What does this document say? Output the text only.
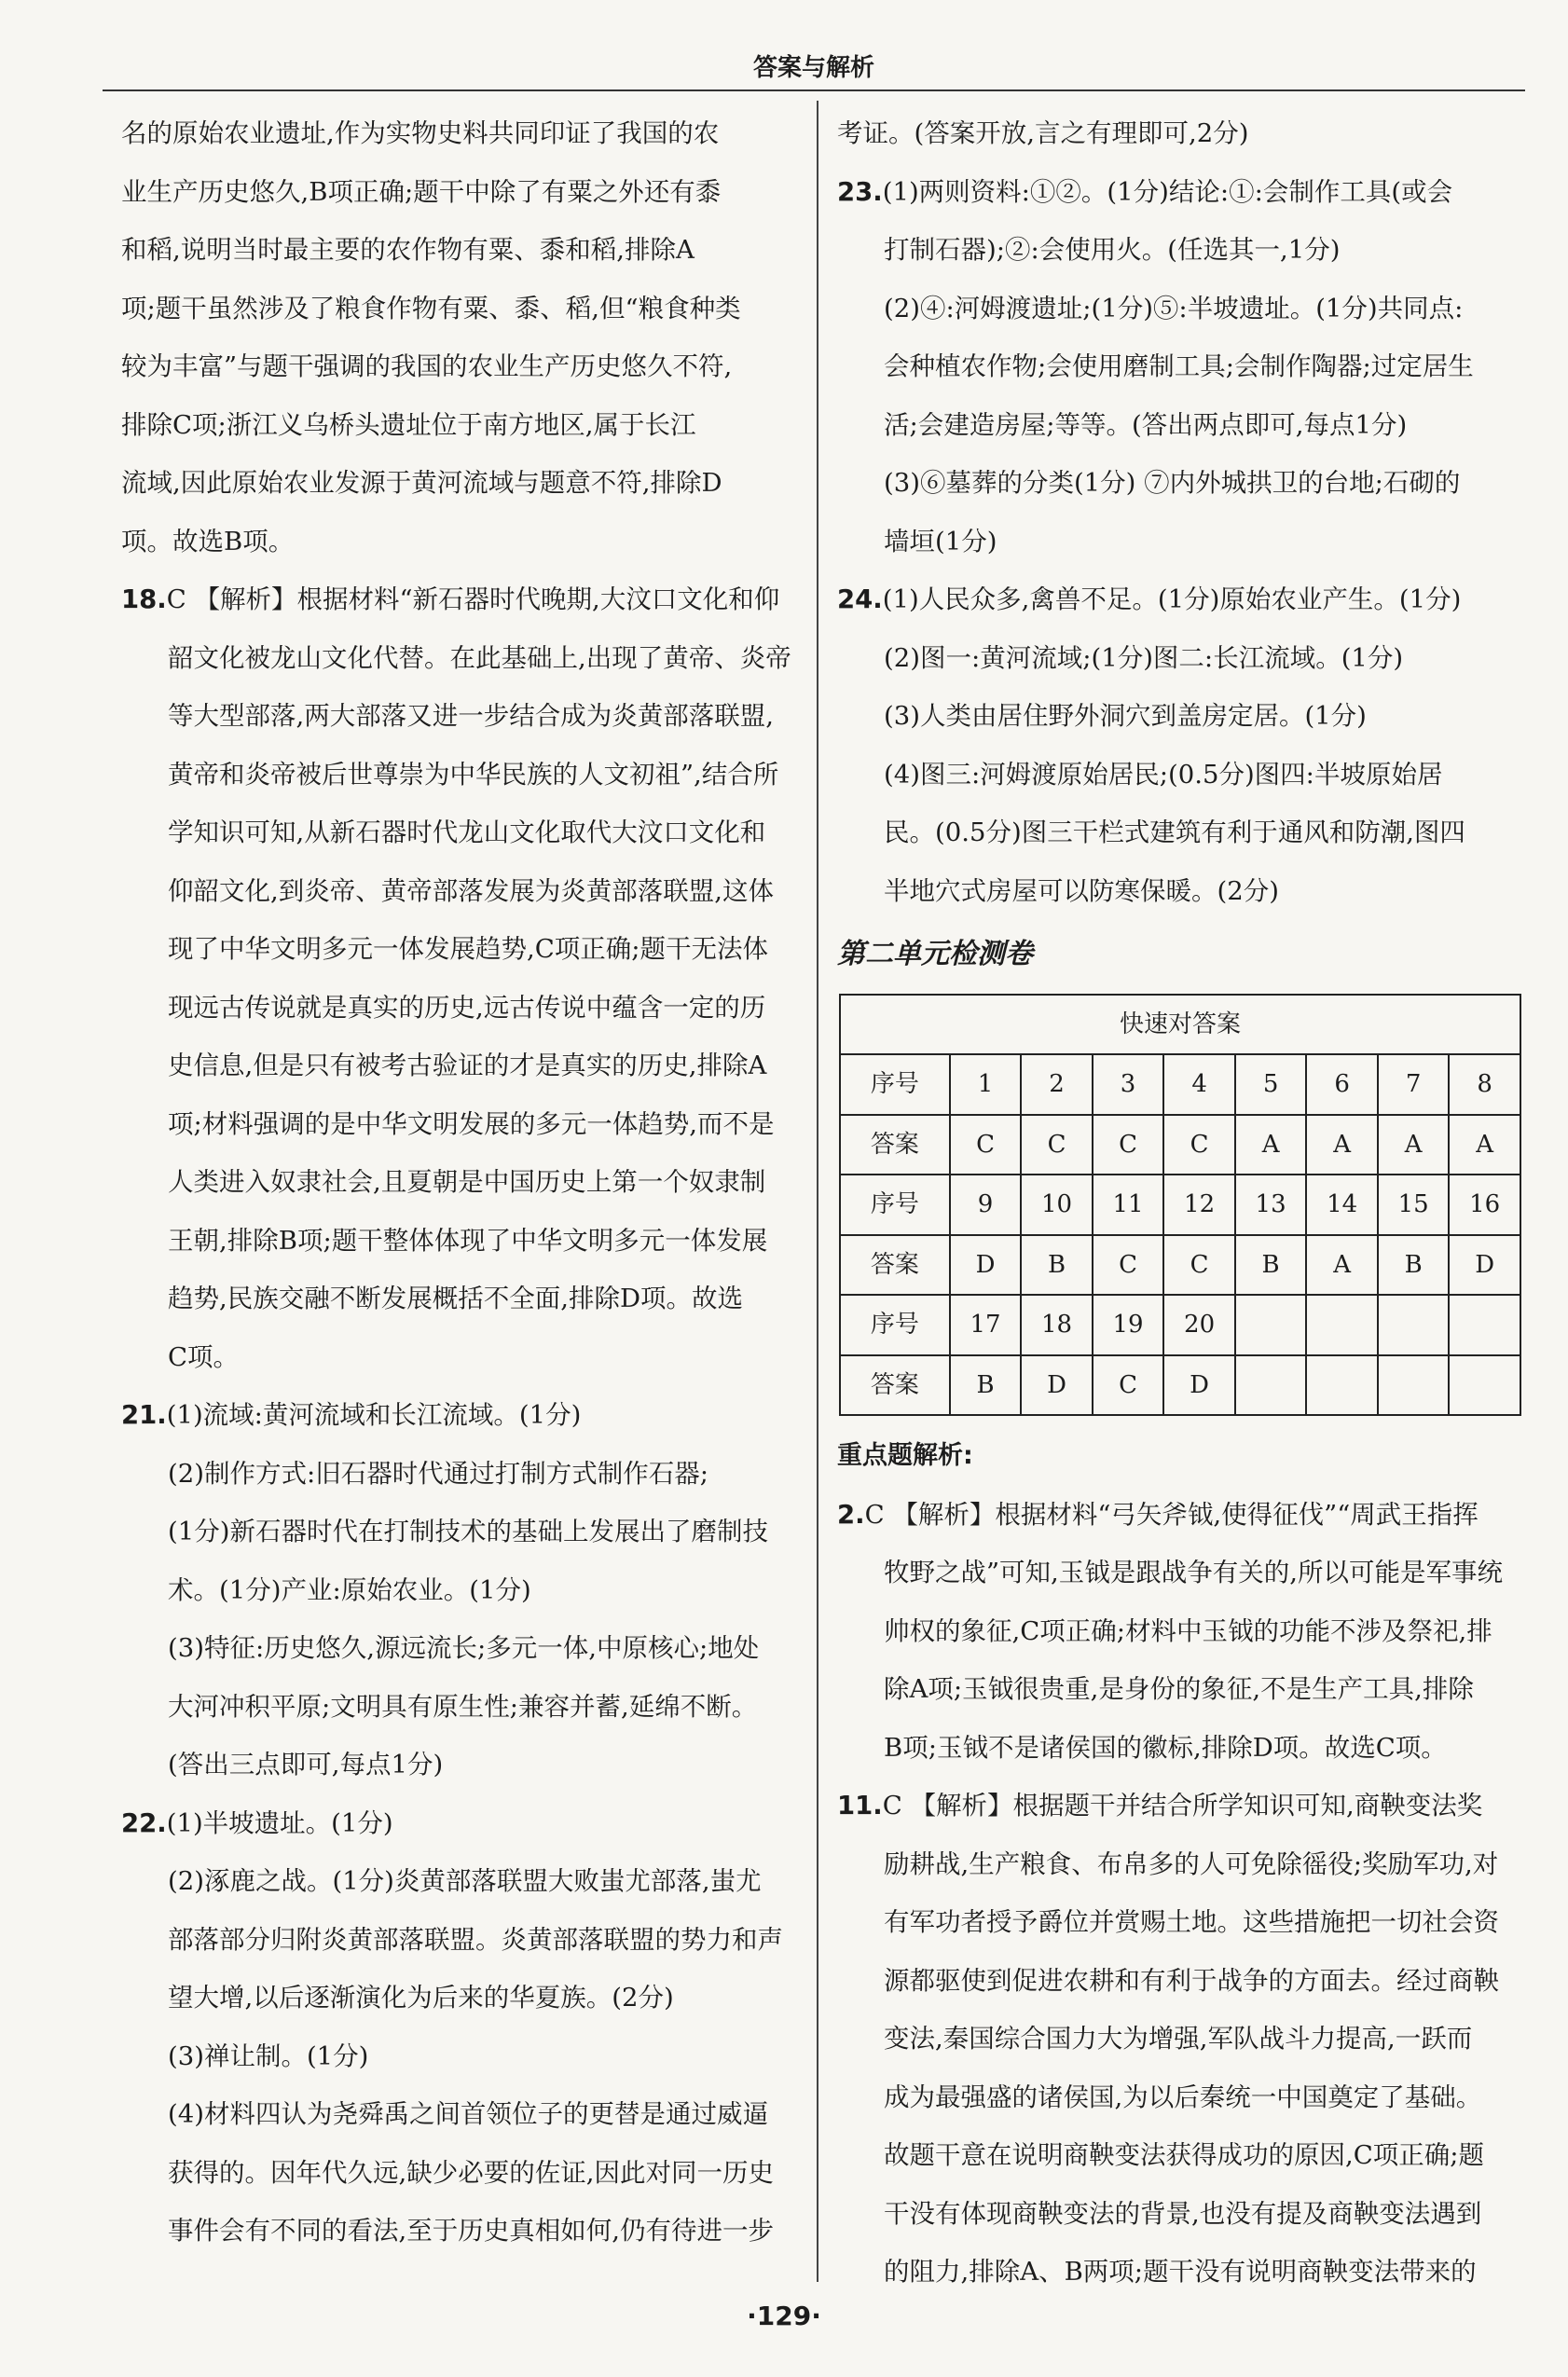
答案与解析
名的原始农业遗址,作为实物史料共同印证了我国的农
业生产历史悠久,B项正确;题干中除了有粟之外还有黍
和稻,说明当时最主要的农作物有粟、黍和稻,排除A
项;题干虽然涉及了粮食作物有粟、黍、稻,但“粮食种类
较为丰富”与题干强调的我国的农业生产历史悠久不符,
排除C项;浙江义乌桥头遗址位于南方地区,属于长江
流域,因此原始农业发源于黄河流域与题意不符,排除D
项。故选B项。
18.C 【解析】根据材料“新石器时代晚期,大汶口文化和仰
韶文化被龙山文化代替。在此基础上,出现了黄帝、炎帝
等大型部落,两大部落又进一步结合成为炎黄部落联盟,
黄帝和炎帝被后世尊崇为中华民族的人文初祖”,结合所
学知识可知,从新石器时代龙山文化取代大汶口文化和
仰韶文化,到炎帝、黄帝部落发展为炎黄部落联盟,这体
现了中华文明多元一体发展趋势,C项正确;题干无法体
现远古传说就是真实的历史,远古传说中蕴含一定的历
史信息,但是只有被考古验证的才是真实的历史,排除A
项;材料强调的是中华文明发展的多元一体趋势,而不是
人类进入奴隶社会,且夏朝是中国历史上第一个奴隶制
王朝,排除B项;题干整体体现了中华文明多元一体发展
趋势,民族交融不断发展概括不全面,排除D项。故选
C项。
21.(1)流域:黄河流域和长江流域。(1分)
(2)制作方式:旧石器时代通过打制方式制作石器;
(1分)新石器时代在打制技术的基础上发展出了磨制技
术。(1分)产业:原始农业。(1分)
(3)特征:历史悠久,源远流长;多元一体,中原核心;地处
大河冲积平原;文明具有原生性;兼容并蓄,延绵不断。
(答出三点即可,每点1分)
22.(1)半坡遗址。(1分)
(2)涿鹿之战。(1分)炎黄部落联盟大败蚩尤部落,蚩尤
部落部分归附炎黄部落联盟。炎黄部落联盟的势力和声
望大增,以后逐渐演化为后来的华夏族。(2分)
(3)禅让制。(1分)
(4)材料四认为尧舜禹之间首领位子的更替是通过威逼
获得的。因年代久远,缺少必要的佐证,因此对同一历史
事件会有不同的看法,至于历史真相如何,仍有待进一步
考证。(答案开放,言之有理即可,2分)
23.(1)两则资料:①②。(1分)结论:①:会制作工具(或会
打制石器);②:会使用火。(任选其一,1分)
(2)④:河姆渡遗址;(1分)⑤:半坡遗址。(1分)共同点:
会种植农作物;会使用磨制工具;会制作陶器;过定居生
活;会建造房屋;等等。(答出两点即可,每点1分)
(3)⑥墓葬的分类(1分) ⑦内外城拱卫的台地;石砌的
墙垣(1分)
24.(1)人民众多,禽兽不足。(1分)原始农业产生。(1分)
(2)图一:黄河流域;(1分)图二:长江流域。(1分)
(3)人类由居住野外洞穴到盖房定居。(1分)
(4)图三:河姆渡原始居民;(0.5分)图四:半坡原始居
民。(0.5分)图三干栏式建筑有利于通风和防潮,图四
半地穴式房屋可以防寒保暖。(2分)
第二单元检测卷
快速对答案								
序号	1	2	3	4	5	6	7	8
答案	C	C	C	C	A	A	A	A
序号	9	10	11	12	13	14	15	16
答案	D	B	C	C	B	A	B	D
序号	17	18	19	20				
答案	B	D	C	D				
重点题解析:
2.C 【解析】根据材料“弓矢斧钺,使得征伐”“周武王指挥
牧野之战”可知,玉钺是跟战争有关的,所以可能是军事统
帅权的象征,C项正确;材料中玉钺的功能不涉及祭祀,排
除A项;玉钺很贵重,是身份的象征,不是生产工具,排除
B项;玉钺不是诸侯国的徽标,排除D项。故选C项。
11.C 【解析】根据题干并结合所学知识可知,商鞅变法奖
励耕战,生产粮食、布帛多的人可免除徭役;奖励军功,对
有军功者授予爵位并赏赐土地。这些措施把一切社会资
源都驱使到促进农耕和有利于战争的方面去。经过商鞅
变法,秦国综合国力大为增强,军队战斗力提高,一跃而
成为最强盛的诸侯国,为以后秦统一中国奠定了基础。
故题干意在说明商鞅变法获得成功的原因,C项正确;题
干没有体现商鞅变法的背景,也没有提及商鞅变法遇到
的阻力,排除A、B两项;题干没有说明商鞅变法带来的
·129·
